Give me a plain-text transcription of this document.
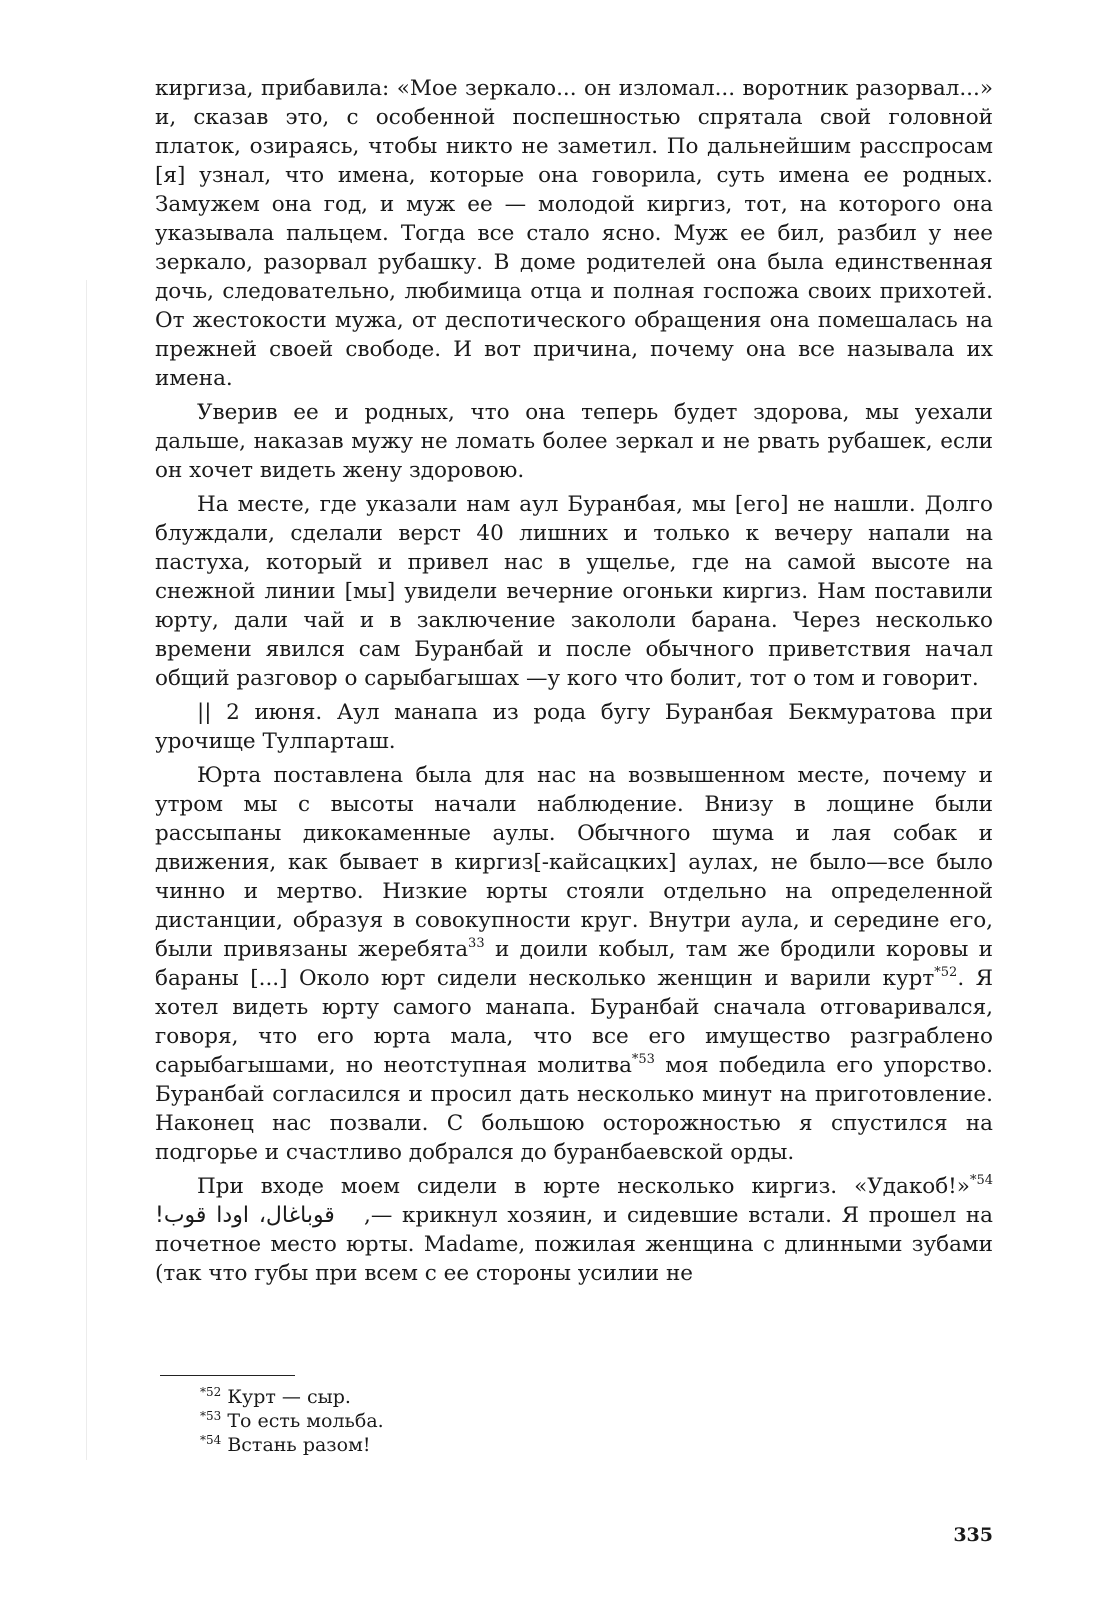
киргиза, прибавила: «Мое зеркало... он изломал... воротник разорвал...» и, сказав это, с особенной поспешностью спрятала свой головной платок, озираясь, чтобы никто не заметил. По дальнейшим расспросам [я] узнал, что имена, которые она говорила, суть имена ее родных. Замужем она год, и муж ее — молодой киргиз, тот, на которого она указывала пальцем. Тогда все стало ясно. Муж ее бил, разбил у нее зеркало, разорвал рубашку. В доме родителей она была единственная дочь, следовательно, любимица отца и полная госпожа своих прихотей. От жестокости мужа, от деспотического обращения она помешалась на прежней своей свободе. И вот причина, почему она все называла их имена.

Уверив ее и родных, что она теперь будет здорова, мы уехали дальше, наказав мужу не ломать более зеркал и не рвать рубашек, если он хочет видеть жену здоровою.

На месте, где указали нам аул Буранбая, мы [его] не нашли. Долго блуждали, сделали верст 40 лишних и только к вечеру напали на пастуха, который и привел нас в ущелье, где на самой высоте на снежной линии [мы] увидели вечерние огоньки киргиз. Нам поставили юрту, дали чай и в заключение закололи барана. Через несколько времени явился сам Буранбай и после обычного приветствия начал общий разговор о сарыбагышах —у кого что болит, тот о том и говорит.

|| 2 июня. Аул манапа из рода бугу Буранбая Бекмуратова при урочище Тулпарташ.

Юрта поставлена была для нас на возвышенном месте, почему и утром мы с высоты начали наблюдение. Внизу в лощине были рассыпаны дикокаменные аулы. Обычного шума и лая собак и движения, как бывает в киргиз[-кайсацких] аулах, не было—все было чинно и мертво. Низкие юрты стояли отдельно на определенной дистанции, образуя в совокупности круг. Внутри аула, и середине его, были привязаны жеребята$^{33}$ и доили кобыл, там же бродили коровы и бараны [...] Около юрт сидели несколько женщин и варили курт$^{*52}$. Я хотел видеть юрту самого манапа. Буранбай сначала отговаривался, говоря, что его юрта мала, что все его имущество разграблено сарыбагышами, но неотступная молитва$^{*53}$ моя победила его упорство. Буранбай согласился и просил дать несколько минут на приготовление. Наконец нас позвали. С большою осторожностью я спустился на подгорье и счастливо добрался до буранбаевской орды.

При входе моем сидели в юрте несколько киргиз. «Удакоб!»$^{*54}$ قوباغال، اودا قوب! ,— крикнул хозяин, и сидевшие встали. Я прошел на почетное место юрты. Madame, пожилая женщина с длинными зубами (так что губы при всем с ее стороны усилии не

$^{*52}$ Курт — сыр.

$^{*53}$ То есть мольба.

$^{*54}$ Встань разом!

335
